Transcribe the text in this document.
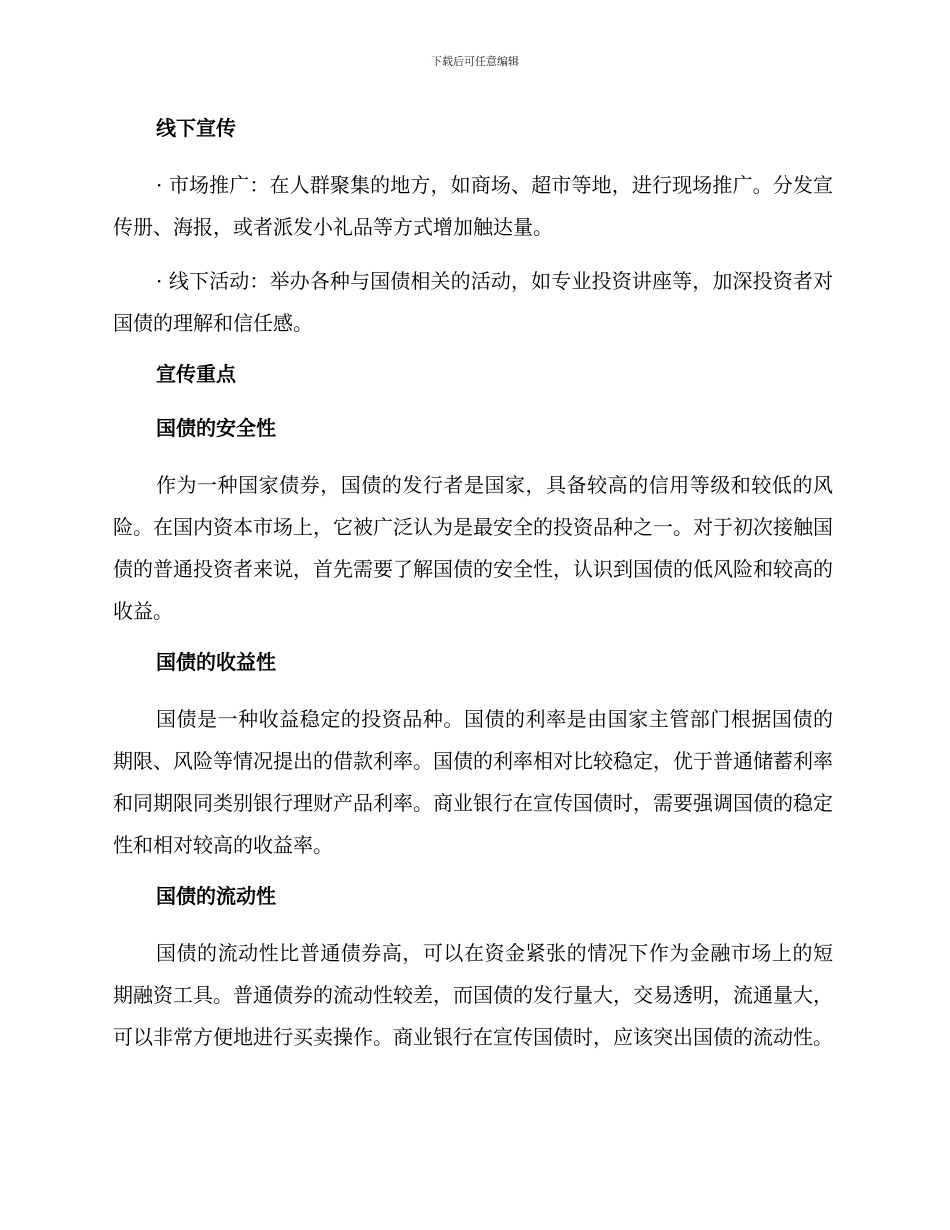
下载后可任意编辑
线下宣传

· 市场推广：在人群聚集的地方，如商场、超市等地，进行现场推广。分发宣传册、海报，或者派发小礼品等方式增加触达量。

· 线下活动：举办各种与国债相关的活动，如专业投资讲座等，加深投资者对国债的理解和信任感。

宣传重点
国债的安全性

作为一种国家债券，国债的发行者是国家，具备较高的信用等级和较低的风险。在国内资本市场上，它被广泛认为是最安全的投资品种之一。对于初次接触国债的普通投资者来说，首先需要了解国债的安全性，认识到国债的低风险和较高的收益。

国债的收益性

国债是一种收益稳定的投资品种。国债的利率是由国家主管部门根据国债的期限、风险等情况提出的借款利率。国债的利率相对比较稳定，优于普通储蓄利率和同期限同类别银行理财产品利率。商业银行在宣传国债时，需要强调国债的稳定性和相对较高的收益率。

国债的流动性

国债的流动性比普通债券高，可以在资金紧张的情况下作为金融市场上的短期融资工具。普通债券的流动性较差，而国债的发行量大，交易透明，流通量大，可以非常方便地进行买卖操作。商业银行在宣传国债时，应该突出国债的流动性。
